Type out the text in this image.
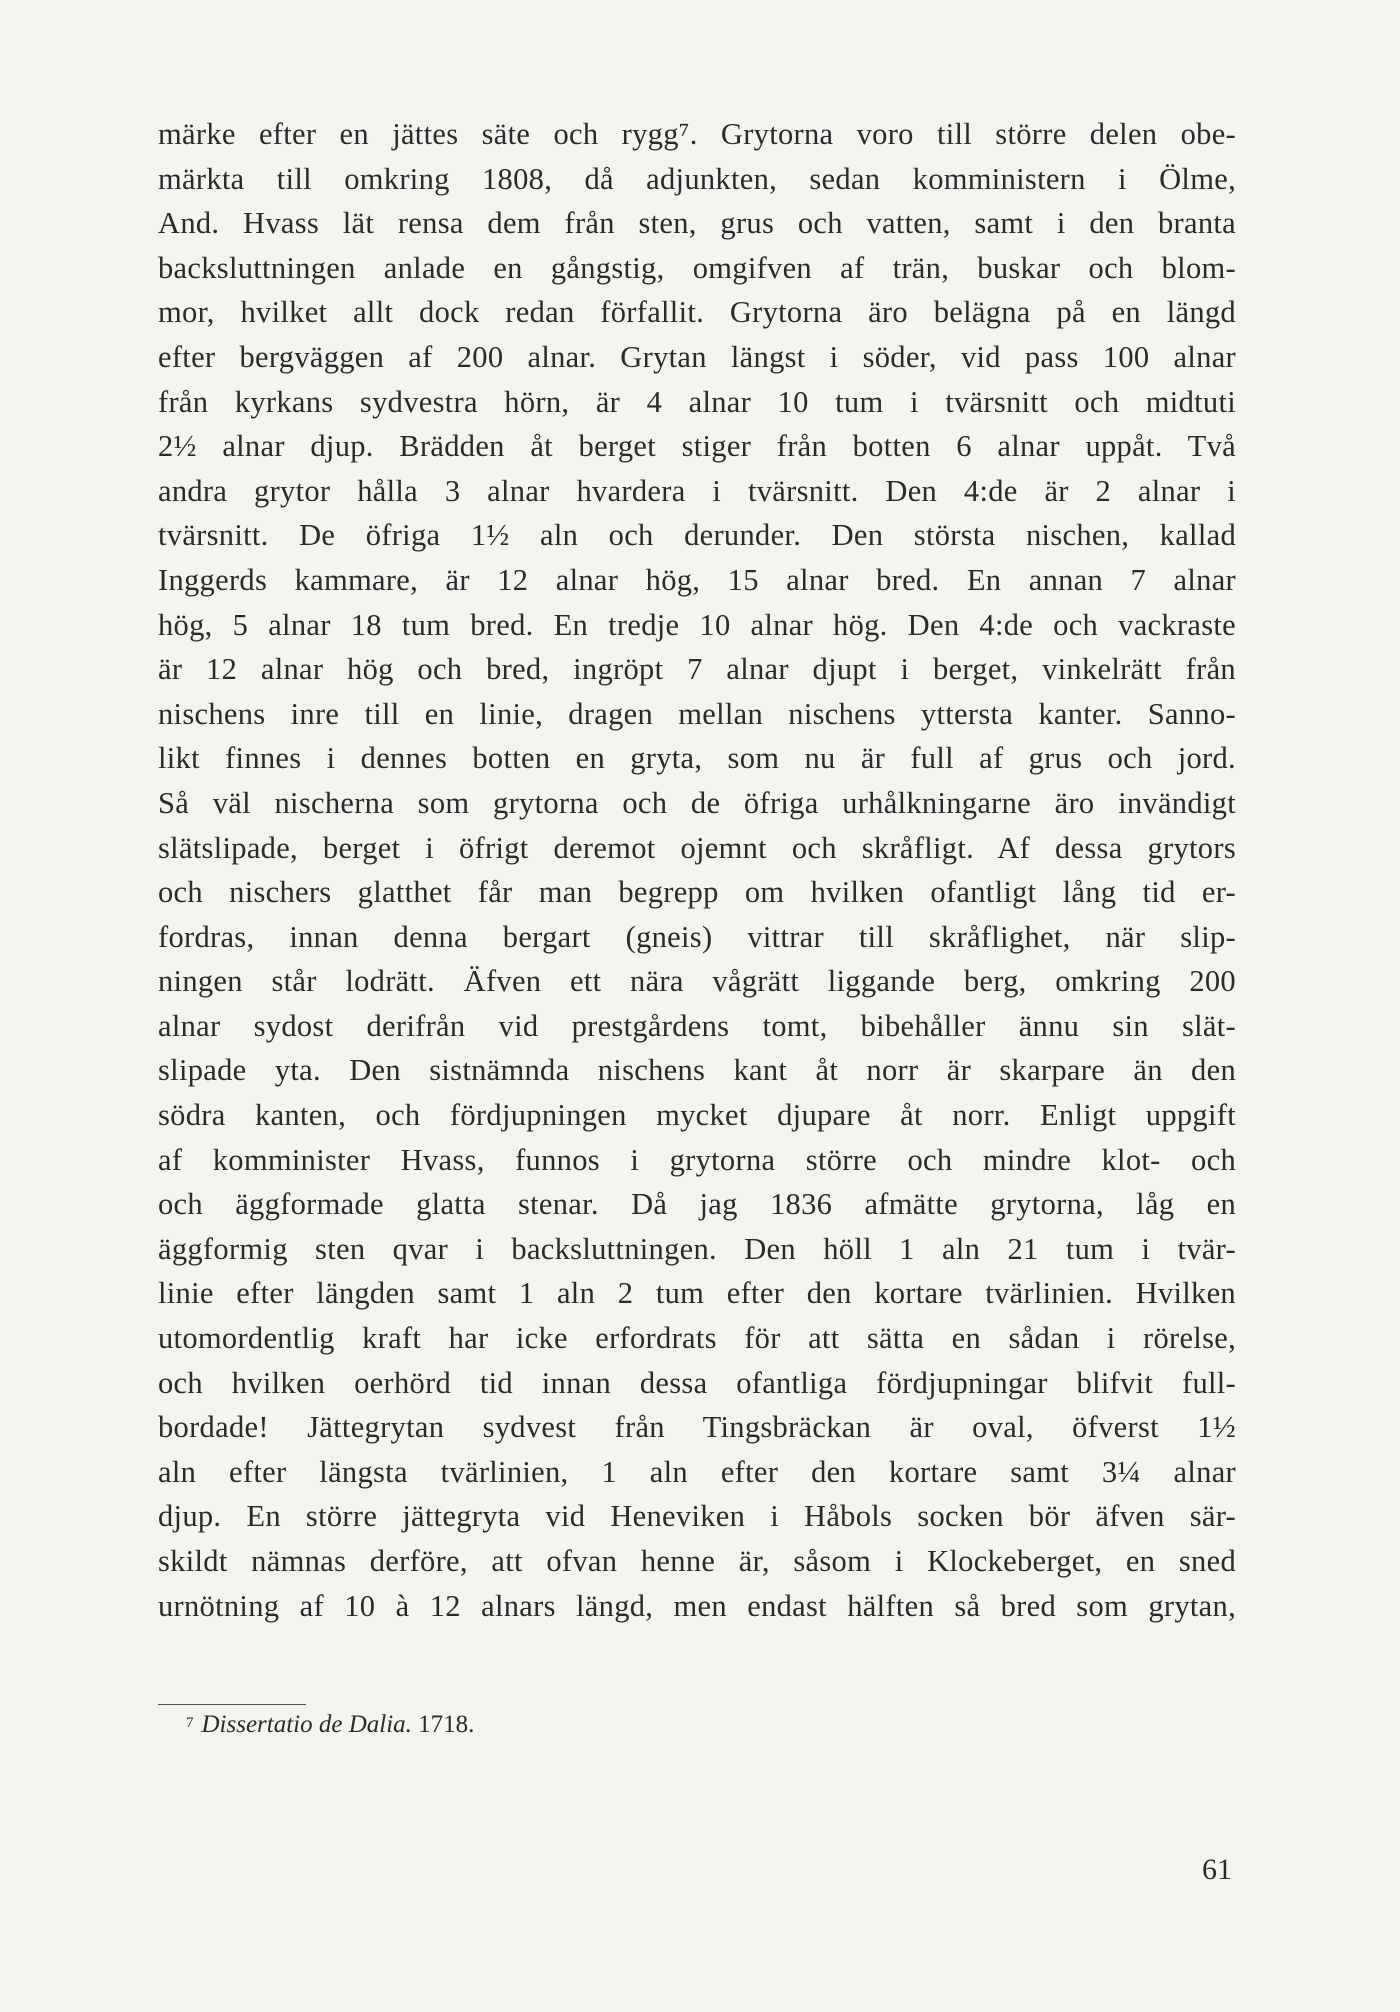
märke efter en jättes säte och rygg⁷. Grytorna voro till större delen obe-
märkta till omkring 1808, då adjunkten, sedan komministern i Ölme,
And. Hvass lät rensa dem från sten, grus och vatten, samt i den branta
backsluttningen anlade en gångstig, omgifven af trän, buskar och blom-
mor, hvilket allt dock redan förfallit. Grytorna äro belägna på en längd
efter bergväggen af 200 alnar. Grytan längst i söder, vid pass 100 alnar
från kyrkans sydvestra hörn, är 4 alnar 10 tum i tvärsnitt och midtuti
2½ alnar djup. Brädden åt berget stiger från botten 6 alnar uppåt. Två
andra grytor hålla 3 alnar hvardera i tvärsnitt. Den 4:de är 2 alnar i
tvärsnitt. De öfriga 1½ aln och derunder. Den största nischen, kallad
Inggerds kammare, är 12 alnar hög, 15 alnar bred. En annan 7 alnar
hög, 5 alnar 18 tum bred. En tredje 10 alnar hög. Den 4:de och vackraste
är 12 alnar hög och bred, ingröpt 7 alnar djupt i berget, vinkelrätt från
nischens inre till en linie, dragen mellan nischens yttersta kanter. Sanno-
likt finnes i dennes botten en gryta, som nu är full af grus och jord.
Så väl nischerna som grytorna och de öfriga urhålkningarne äro invändigt
slätslipade, berget i öfrigt deremot ojemnt och skråfligt. Af dessa grytors
och nischers glatthet får man begrepp om hvilken ofantligt lång tid er-
fordras, innan denna bergart (gneis) vittrar till skråflighet, när slip-
ningen står lodrätt. Äfven ett nära vågrätt liggande berg, omkring 200
alnar sydost derifrån vid prestgårdens tomt, bibehåller ännu sin slät-
slipade yta. Den sistnämnda nischens kant åt norr är skarpare än den
södra kanten, och fördjupningen mycket djupare åt norr. Enligt uppgift
af komminister Hvass, funnos i grytorna större och mindre klot- och
och äggformade glatta stenar. Då jag 1836 afmätte grytorna, låg en
äggformig sten qvar i backsluttningen. Den höll 1 aln 21 tum i tvär-
linie efter längden samt 1 aln 2 tum efter den kortare tvärlinien. Hvilken
utomordentlig kraft har icke erfordrats för att sätta en sådan i rörelse,
och hvilken oerhörd tid innan dessa ofantliga fördjupningar blifvit full-
bordade! Jättegrytan sydvest från Tingsbräckan är oval, öfverst 1½
aln efter längsta tvärlinien, 1 aln efter den kortare samt 3¼ alnar
djup. En större jättegryta vid Heneviken i Håbols socken bör äfven sär-
skildt nämnas derföre, att ofvan henne är, såsom i Klockeberget, en sned
urnötning af 10 à 12 alnars längd, men endast hälften så bred som grytan,
$^7$ Dissertatio de Dalia. 1718.
61
